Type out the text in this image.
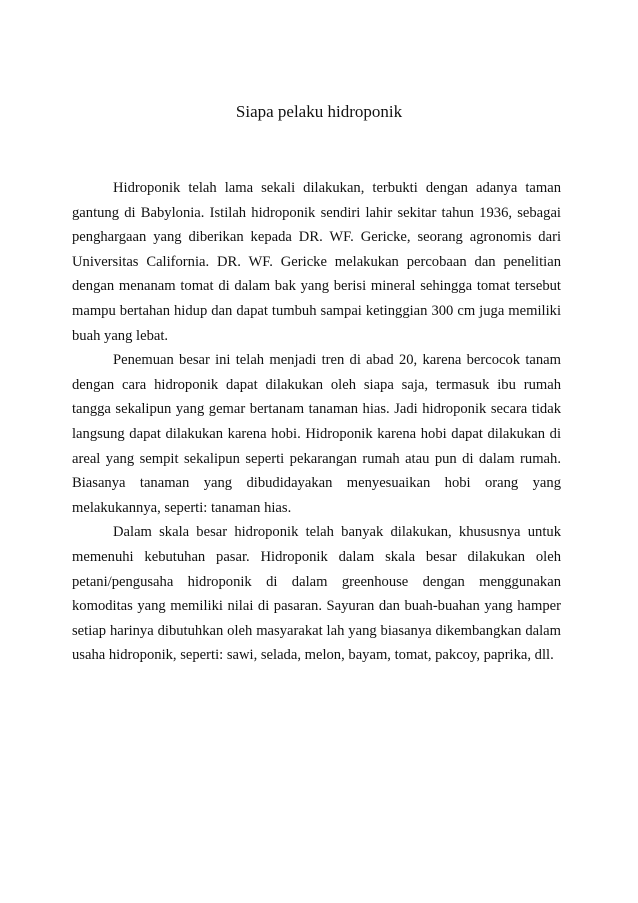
Siapa pelaku hidroponik

Hidroponik telah lama sekali dilakukan, terbukti dengan adanya taman gantung di Babylonia. Istilah hidroponik sendiri lahir sekitar tahun 1936, sebagai penghargaan yang diberikan kepada DR. WF. Gericke, seorang agronomis dari Universitas California. DR. WF. Gericke melakukan percobaan dan penelitian dengan menanam tomat di dalam bak yang berisi mineral sehingga tomat tersebut mampu bertahan hidup dan dapat tumbuh sampai ketinggian 300 cm juga memiliki buah yang lebat.

Penemuan besar ini telah menjadi tren di abad 20, karena bercocok tanam dengan cara hidroponik dapat dilakukan oleh siapa saja, termasuk ibu rumah tangga sekalipun yang gemar bertanam tanaman hias. Jadi hidroponik secara tidak langsung dapat dilakukan karena hobi. Hidroponik karena hobi dapat dilakukan di areal yang sempit sekalipun seperti pekarangan rumah atau pun di dalam rumah. Biasanya tanaman yang dibudidayakan menyesuaikan hobi orang yang melakukannya, seperti: tanaman hias.

Dalam skala besar hidroponik telah banyak dilakukan, khususnya untuk memenuhi kebutuhan pasar. Hidroponik dalam skala besar dilakukan oleh petani/pengusaha hidroponik di dalam greenhouse dengan menggunakan komoditas yang memiliki nilai di pasaran. Sayuran dan buah-buahan yang hamper setiap harinya dibutuhkan oleh masyarakat lah yang biasanya dikembangkan dalam usaha hidroponik, seperti: sawi, selada, melon, bayam, tomat, pakcoy, paprika, dll.
